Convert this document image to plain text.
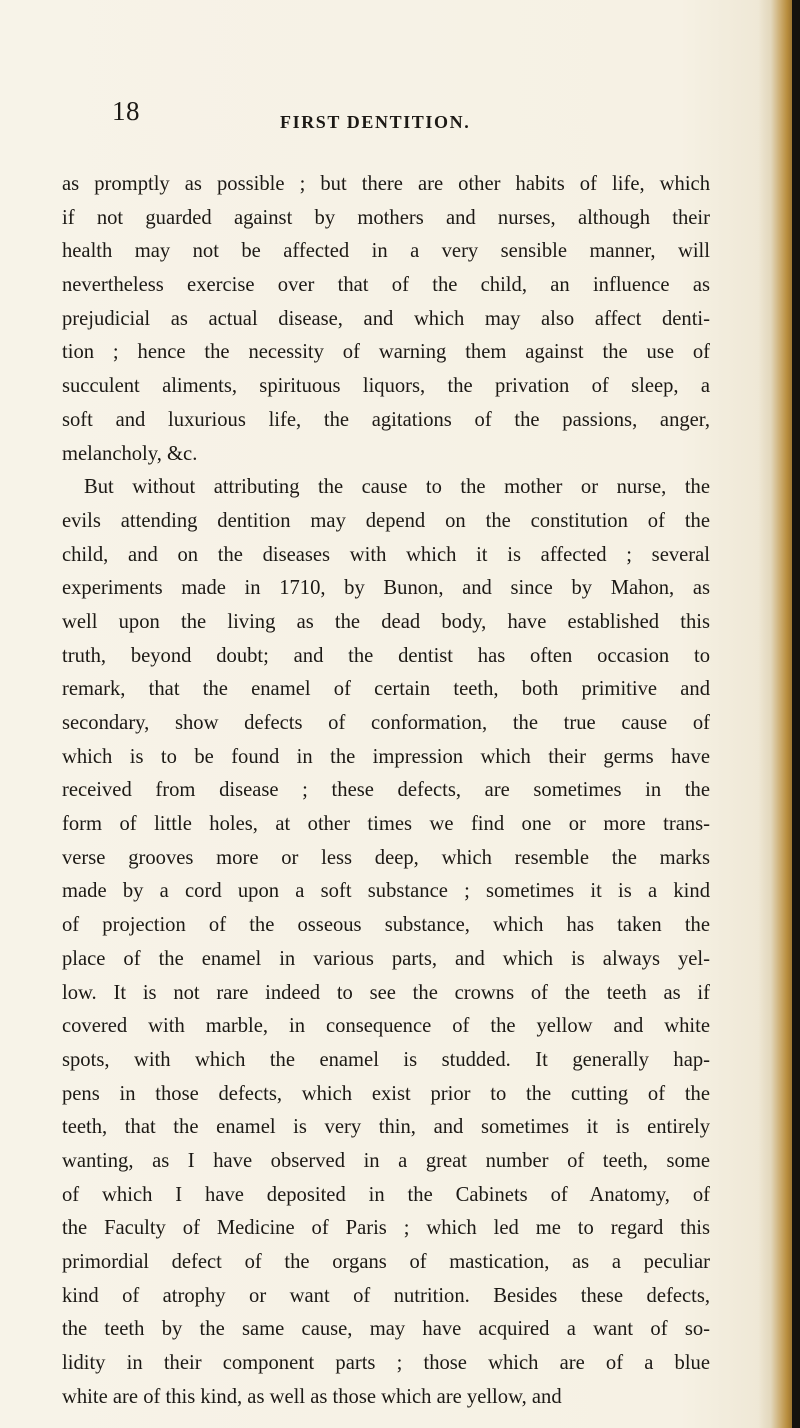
18	FIRST DENTITION.
as promptly as possible ; but there are other habits of life, which
if not guarded against by mothers and nurses, although their
health may not be affected in a very sensible manner, will
nevertheless exercise over that of the child, an influence as
prejudicial as actual disease, and which may also affect denti-
tion ; hence the necessity of warning them against the use of
succulent aliments, spirituous liquors, the privation of sleep, a
soft and luxurious life, the agitations of the passions, anger,
melancholy, &c.
But without attributing the cause to the mother or nurse, the
evils attending dentition may depend on the constitution of the
child, and on the diseases with which it is affected ; several
experiments made in 1710, by Bunon, and since by Mahon, as
well upon the living as the dead body, have established this
truth, beyond doubt; and the dentist has often occasion to
remark, that the enamel of certain teeth, both primitive and
secondary, show defects of conformation, the true cause of
which is to be found in the impression which their germs have
received from disease ; these defects, are sometimes in the
form of little holes, at other times we find one or more trans-
verse grooves more or less deep, which resemble the marks
made by a cord upon a soft substance ; sometimes it is a kind
of projection of the osseous substance, which has taken the
place of the enamel in various parts, and which is always yel-
low. It is not rare indeed to see the crowns of the teeth as if
covered with marble, in consequence of the yellow and white
spots, with which the enamel is studded. It generally hap-
pens in those defects, which exist prior to the cutting of the
teeth, that the enamel is very thin, and sometimes it is entirely
wanting, as I have observed in a great number of teeth, some
of which I have deposited in the Cabinets of Anatomy, of
the Faculty of Medicine of Paris ; which led me to regard this
primordial defect of the organs of mastication, as a peculiar
kind of atrophy or want of nutrition. Besides these defects,
the teeth by the same cause, may have acquired a want of so-
lidity in their component parts ; those which are of a blue
white are of this kind, as well as those which are yellow, and
